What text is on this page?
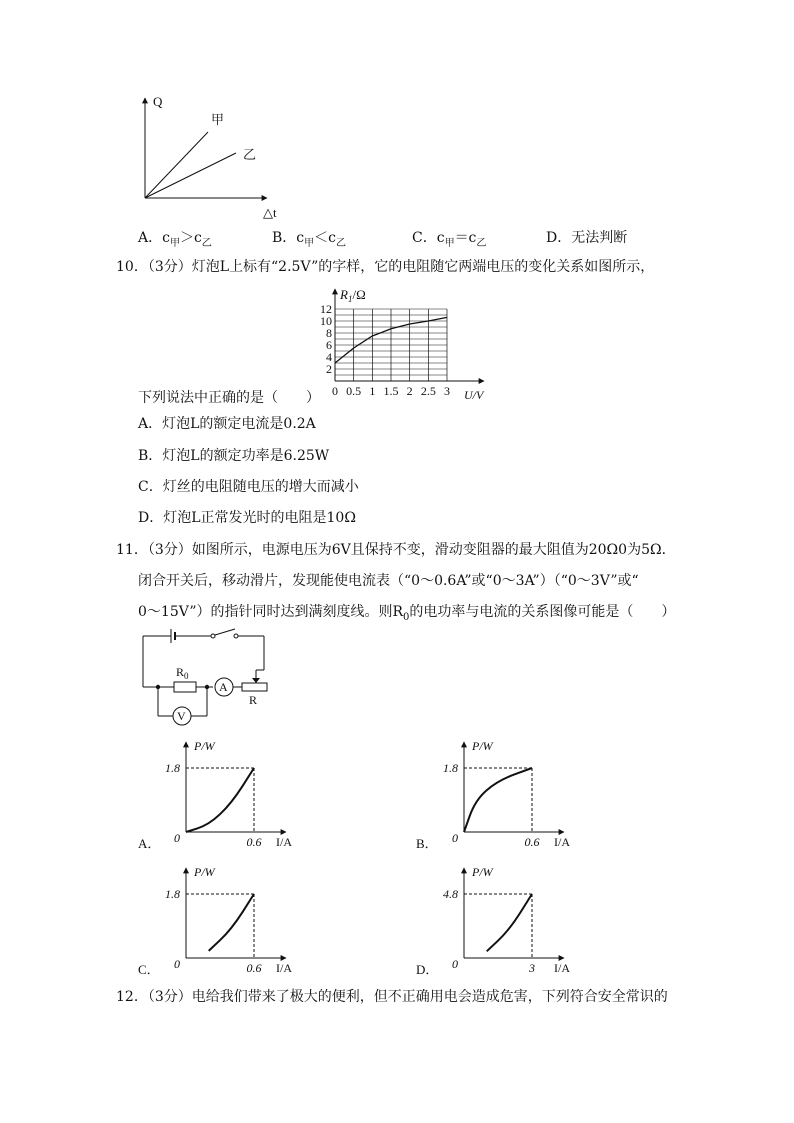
Q
甲
乙
△t
A．$c_甲>c_乙$	B．$c_甲<c_乙$	C．$c_甲=c_乙$	D．无法判断
10．（3分）灯泡L上标有“2.5V”的字样，它的电阻随它两端电压的变化关系如图所示，
2
4
6
8
10
12
0 0.5 1 1.5 2 2.5 3
$R_1/\Omega$
U/V
下列说法中正确的是（　　）
A．灯泡L的额定电流是0.2A
B．灯泡L的额定功率是6.25W
C．灯丝的电阻随电压的增大而减小
D．灯泡L正常发光时的电阻是10Ω
11．（3分）如图所示，电源电压为6V且保持不变，滑动变阻器的最大阻值为20Ω0为5Ω．
闭合开关后，移动滑片，发现能使电流表（“0～0.6A”或“0～3A”）（“0～3V”或“
0～15V”）的指针同时达到满刻度线。则$R_0$的电功率与电流的关系图像可能是（　　）
$R_0$
A
V
R
P/W
1.8
0	0.6 I/A
A．
P/W
1.8
0	0.6 I/A
B．
P/W
1.8
0	0.6 I/A
C．
P/W
4.8
0	3 I/A
D．
12．（3分）电给我们带来了极大的便利，但不正确用电会造成危害，下列符合安全常识的
